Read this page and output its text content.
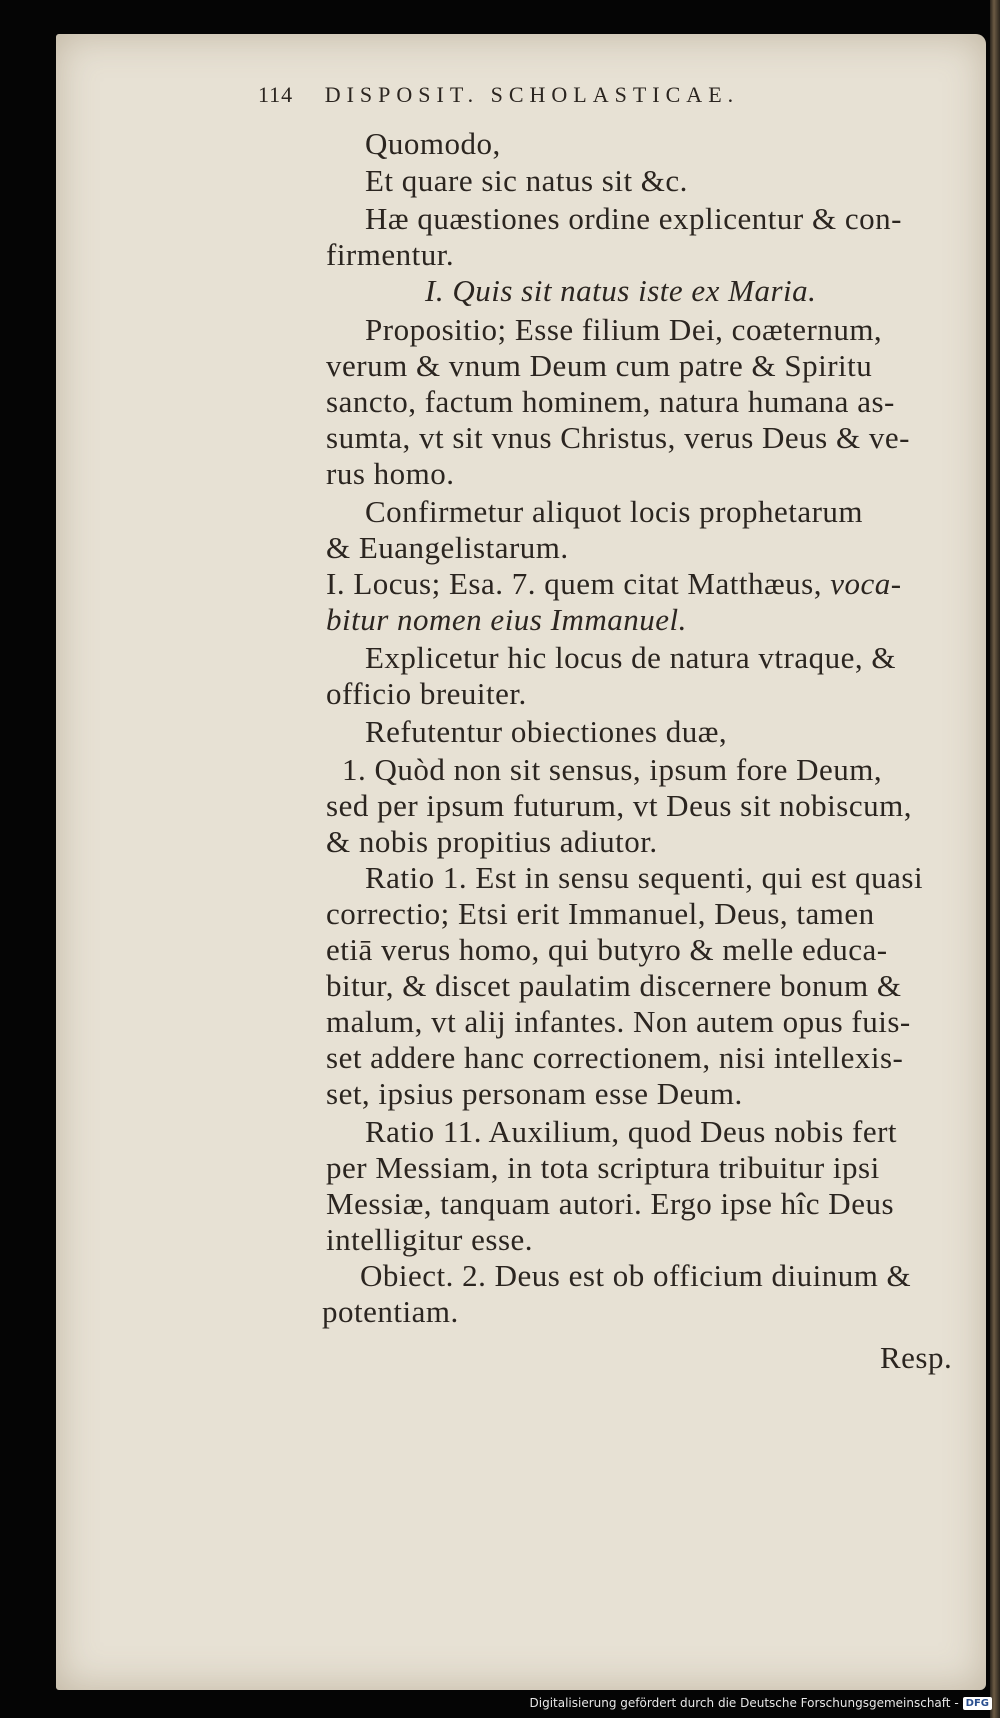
114 DISPOSIT. SCHOLASTICAE.

Quomodo,

Et quare sic natus sit &c.

Hæ quæstiones ordine explicentur & con-

firmentur.

I. Quis sit natus iste ex Maria.

Propositio; Esse filium Dei, coæternum,

verum & vnum Deum cum patre & Spiritu

sancto, factum hominem, natura humana as-

sumta, vt sit vnus Christus, verus Deus & ve-

rus homo.

Confirmetur aliquot locis prophetarum

& Euangelistarum.

I. Locus; Esa. 7. quem citat Matthæus, voca-

bitur nomen eius Immanuel.

Explicetur hic locus de natura vtraque, &

officio breuiter.

Refutentur obiectiones duæ,

1. Quòd non sit sensus, ipsum fore Deum,

sed per ipsum futurum, vt Deus sit nobiscum,

& nobis propitius adiutor.

Ratio 1. Est in sensu sequenti, qui est quasi

correctio; Etsi erit Immanuel, Deus, tamen

etiā verus homo, qui butyro & melle educa-

bitur, & discet paulatim discernere bonum &

malum, vt alij infantes. Non autem opus fuis-

set addere hanc correctionem, nisi intellexis-

set, ipsius personam esse Deum.

Ratio 11. Auxilium, quod Deus nobis fert

per Messiam, in tota scriptura tribuitur ipsi

Messiæ, tanquam autori. Ergo ipse hîc Deus

intelligitur esse.

Obiect. 2. Deus est ob officium diuinum &

potentiam.

Resp.

Digitalisierung gefördert durch die Deutsche Forschungsgemeinschaft - DFG
